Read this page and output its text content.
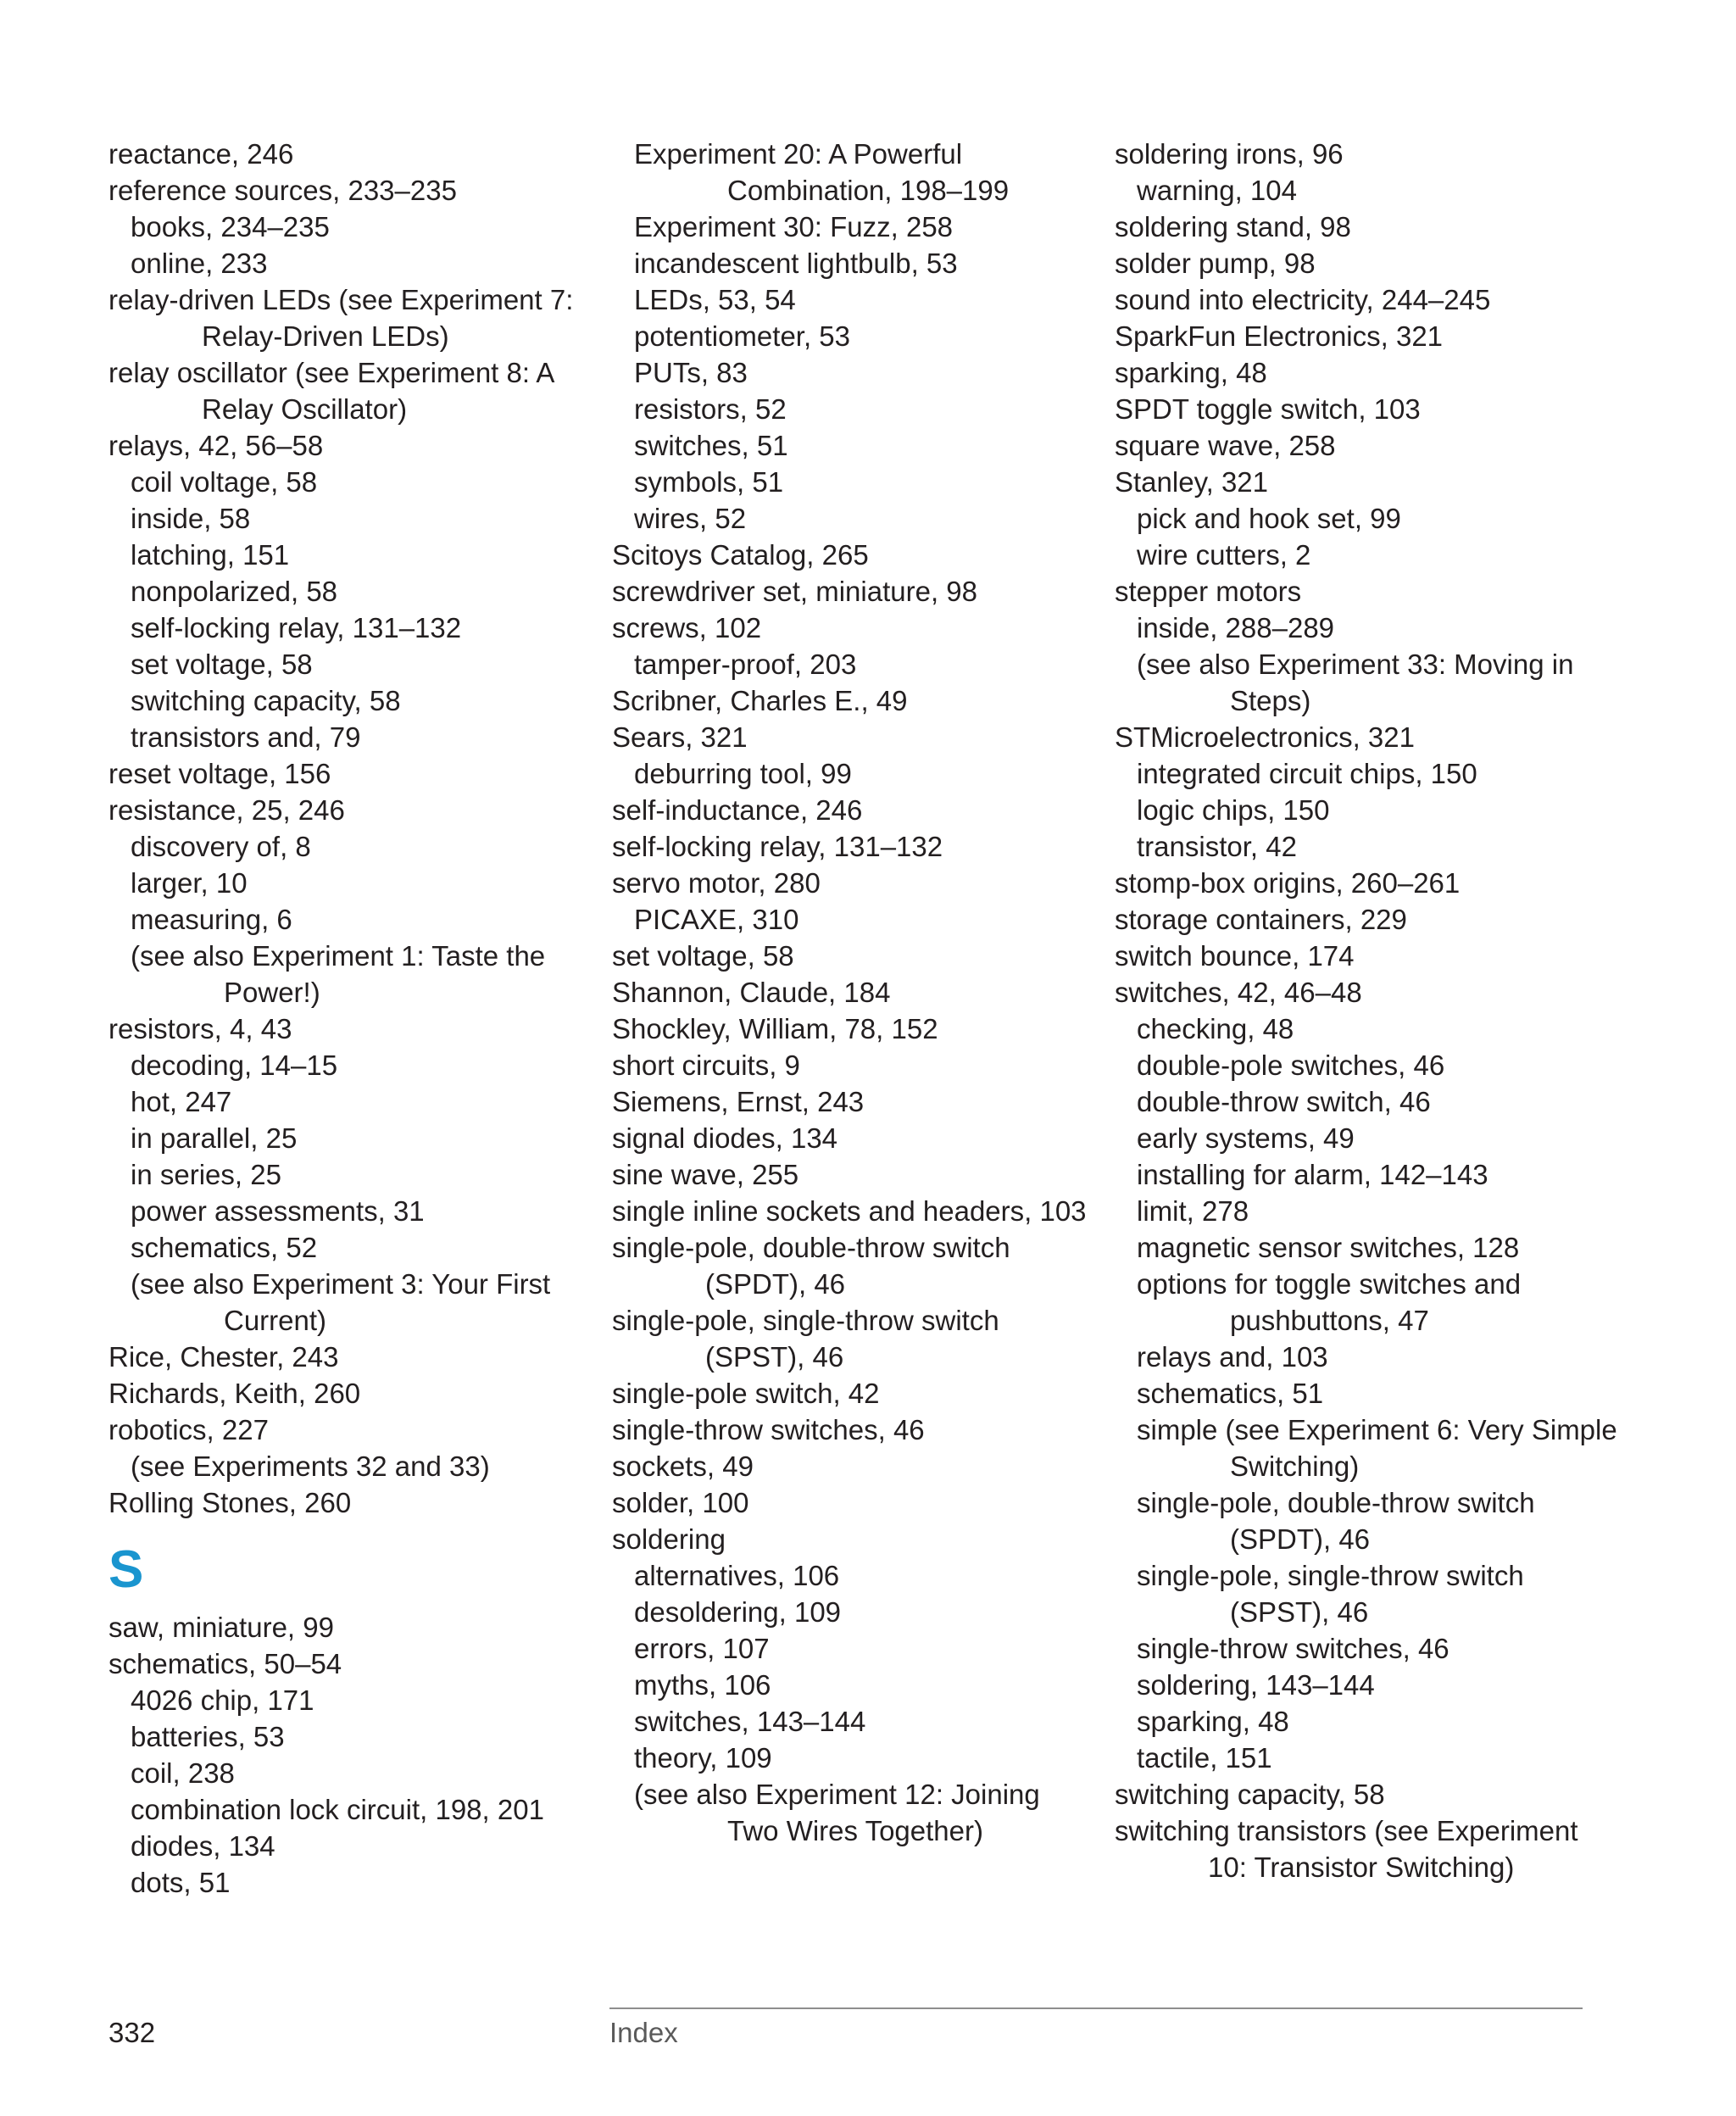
reactance, 246
reference sources, 233–235
books, 234–235
online, 233
relay-driven LEDs (see Experiment 7: Relay-Driven LEDs)
relay oscillator (see Experiment 8: A Relay Oscillator)
relays, 42, 56–58
coil voltage, 58
inside, 58
latching, 151
nonpolarized, 58
self-locking relay, 131–132
set voltage, 58
switching capacity, 58
transistors and, 79
reset voltage, 156
resistance, 25, 246
discovery of, 8
larger, 10
measuring, 6
(see also Experiment 1: Taste the Power!)
resistors, 4, 43
decoding, 14–15
hot, 247
in parallel, 25
in series, 25
power assessments, 31
schematics, 52
(see also Experiment 3: Your First Current)
Rice, Chester, 243
Richards, Keith, 260
robotics, 227
(see Experiments 32 and 33)
Rolling Stones, 260
S
saw, miniature, 99
schematics, 50–54
4026 chip, 171
batteries, 53
coil, 238
combination lock circuit, 198, 201
diodes, 134
dots, 51
Experiment 20: A Powerful Combination, 198–199
Experiment 30: Fuzz, 258
incandescent lightbulb, 53
LEDs, 53, 54
potentiometer, 53
PUTs, 83
resistors, 52
switches, 51
symbols, 51
wires, 52
Scitoys Catalog, 265
screwdriver set, miniature, 98
screws, 102
tamper-proof, 203
Scribner, Charles E., 49
Sears, 321
deburring tool, 99
self-inductance, 246
self-locking relay, 131–132
servo motor, 280
PICAXE, 310
set voltage, 58
Shannon, Claude, 184
Shockley, William, 78, 152
short circuits, 9
Siemens, Ernst, 243
signal diodes, 134
sine wave, 255
single inline sockets and headers, 103
single-pole, double-throw switch (SPDT), 46
single-pole, single-throw switch (SPST), 46
single-pole switch, 42
single-throw switches, 46
sockets, 49
solder, 100
soldering
alternatives, 106
desoldering, 109
errors, 107
myths, 106
switches, 143–144
theory, 109
(see also Experiment 12: Joining Two Wires Together)
soldering irons, 96
warning, 104
soldering stand, 98
solder pump, 98
sound into electricity, 244–245
SparkFun Electronics, 321
sparking, 48
SPDT toggle switch, 103
square wave, 258
Stanley, 321
pick and hook set, 99
wire cutters, 2
stepper motors
inside, 288–289
(see also Experiment 33: Moving in Steps)
STMicroelectronics, 321
integrated circuit chips, 150
logic chips, 150
transistor, 42
stomp-box origins, 260–261
storage containers, 229
switch bounce, 174
switches, 42, 46–48
checking, 48
double-pole switches, 46
double-throw switch, 46
early systems, 49
installing for alarm, 142–143
limit, 278
magnetic sensor switches, 128
options for toggle switches and pushbuttons, 47
relays and, 103
schematics, 51
simple (see Experiment 6: Very Simple Switching)
single-pole, double-throw switch (SPDT), 46
single-pole, single-throw switch (SPST), 46
single-throw switches, 46
soldering, 143–144
sparking, 48
tactile, 151
switching capacity, 58
switching transistors (see Experiment 10: Transistor Switching)
332	Index
